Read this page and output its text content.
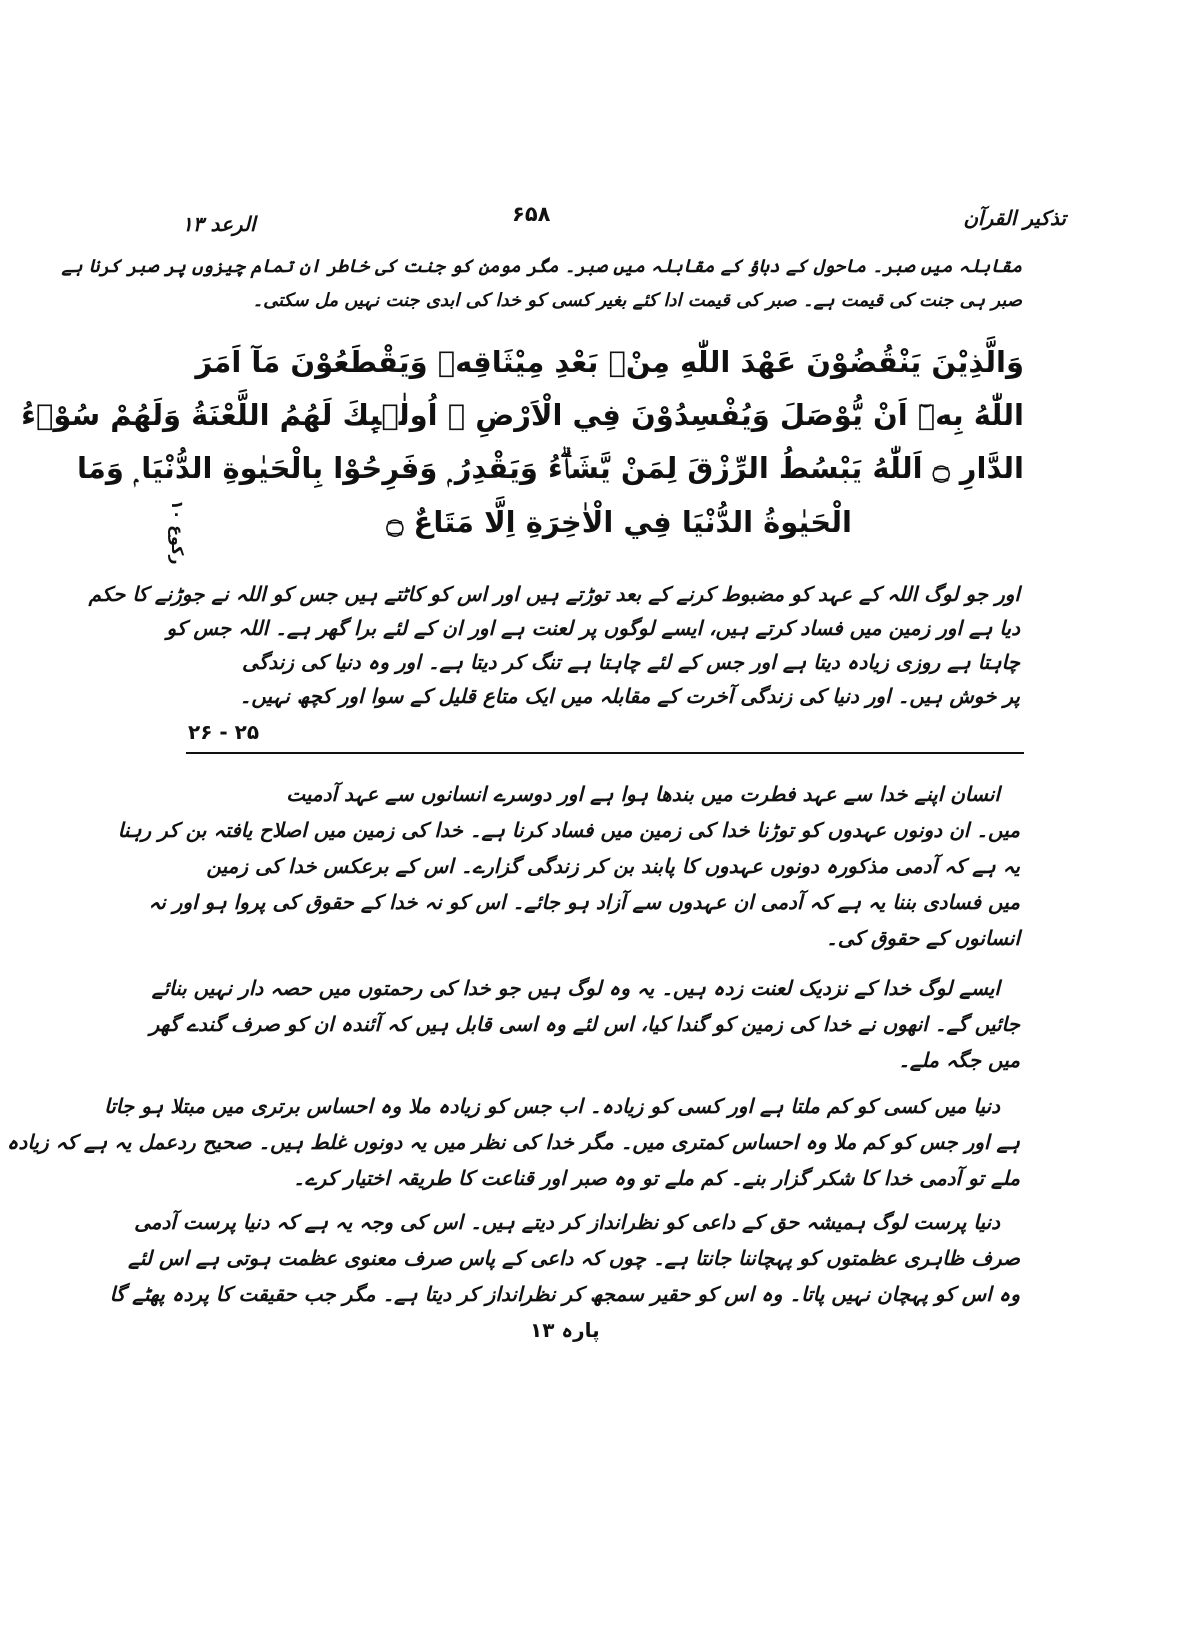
تذکیر القرآن
۶۵۸
الرعد ۱۳
مقابلہ میں صبر۔ ماحول کے دباؤ کے مقابلہ میں صبر۔ مگر مومن کو جنت کی خاطر ان تمام چیزوں پر صبر کرنا ہے
صبر ہی جنت کی قیمت ہے۔ صبر کی قیمت ادا کئے بغیر کسی کو خدا کی ابدی جنت نہیں مل سکتی۔
وَالَّذِيْنَ يَنْقُضُوْنَ عَهْدَ اللّٰهِ مِنْۢ بَعْدِ مِيْثَاقِهٖ وَيَقْطَعُوْنَ مَآ اَمَرَ
اللّٰهُ بِهٖٓ اَنْ يُّوْصَلَ وَيُفْسِدُوْنَ فِي الْاَرْضِ ۙ اُولٰۗىِٕكَ لَهُمُ اللَّعْنَةُ وَلَهُمْ سُوْۗءُ
الدَّارِ ۝ اَللّٰهُ يَبْسُطُ الرِّزْقَ لِمَنْ يَّشَاۗءُ وَيَقْدِرُ ۭ وَفَرِحُوْا بِالْحَيٰوةِ الدُّنْيَا ۭ وَمَا
الْحَيٰوةُ الدُّنْيَا فِي الْاٰخِرَةِ اِلَّا مَتَاعٌ ۝
رکوع ۱۰
اور جو لوگ اللہ کے عہد کو مضبوط کرنے کے بعد توڑتے ہیں اور اس کو کاٹتے ہیں جس کو اللہ نے جوڑنے کا حکم
دیا ہے اور زمین میں فساد کرتے ہیں، ایسے لوگوں پر لعنت ہے اور ان کے لئے برا گھر ہے۔ اللہ جس کو
چاہتا ہے روزی زیادہ دیتا ہے اور جس کے لئے چاہتا ہے تنگ کر دیتا ہے۔ اور وہ دنیا کی زندگی
پر خوش ہیں۔ اور دنیا کی زندگی آخرت کے مقابلہ میں ایک متاع قلیل کے سوا اور کچھ نہیں۔
۲۶ - ۲۵
انسان اپنے خدا سے عہد فطرت میں بندھا ہوا ہے اور دوسرے انسانوں سے عہد آدمیت
میں۔ ان دونوں عہدوں کو توڑنا خدا کی زمین میں فساد کرنا ہے۔ خدا کی زمین میں اصلاح یافتہ بن کر رہنا
یہ ہے کہ آدمی مذکورہ دونوں عہدوں کا پابند بن کر زندگی گزارے۔ اس کے برعکس خدا کی زمین
میں فسادی بننا یہ ہے کہ آدمی ان عہدوں سے آزاد ہو جائے۔ اس کو نہ خدا کے حقوق کی پروا ہو اور نہ
انسانوں کے حقوق کی۔
ایسے لوگ خدا کے نزدیک لعنت زدہ ہیں۔ یہ وہ لوگ ہیں جو خدا کی رحمتوں میں حصہ دار نہیں بنائے
جائیں گے۔ انھوں نے خدا کی زمین کو گندا کیا، اس لئے وہ اسی قابل ہیں کہ آئندہ ان کو صرف گندے گھر
میں جگہ ملے۔
دنیا میں کسی کو کم ملتا ہے اور کسی کو زیادہ۔ اب جس کو زیادہ ملا وہ احساس برتری میں مبتلا ہو جاتا
ہے اور جس کو کم ملا وہ احساس کمتری میں۔ مگر خدا کی نظر میں یہ دونوں غلط ہیں۔ صحیح ردعمل یہ ہے کہ زیادہ
ملے تو آدمی خدا کا شکر گزار بنے۔ کم ملے تو وہ صبر اور قناعت کا طریقہ اختیار کرے۔
دنیا پرست لوگ ہمیشہ حق کے داعی کو نظرانداز کر دیتے ہیں۔ اس کی وجہ یہ ہے کہ دنیا پرست آدمی
صرف ظاہری عظمتوں کو پہچاننا جانتا ہے۔ چوں کہ داعی کے پاس صرف معنوی عظمت ہوتی ہے اس لئے
وہ اس کو پہچان نہیں پاتا۔ وہ اس کو حقیر سمجھ کر نظرانداز کر دیتا ہے۔ مگر جب حقیقت کا پردہ پھٹے گا
پارہ ۱۳
